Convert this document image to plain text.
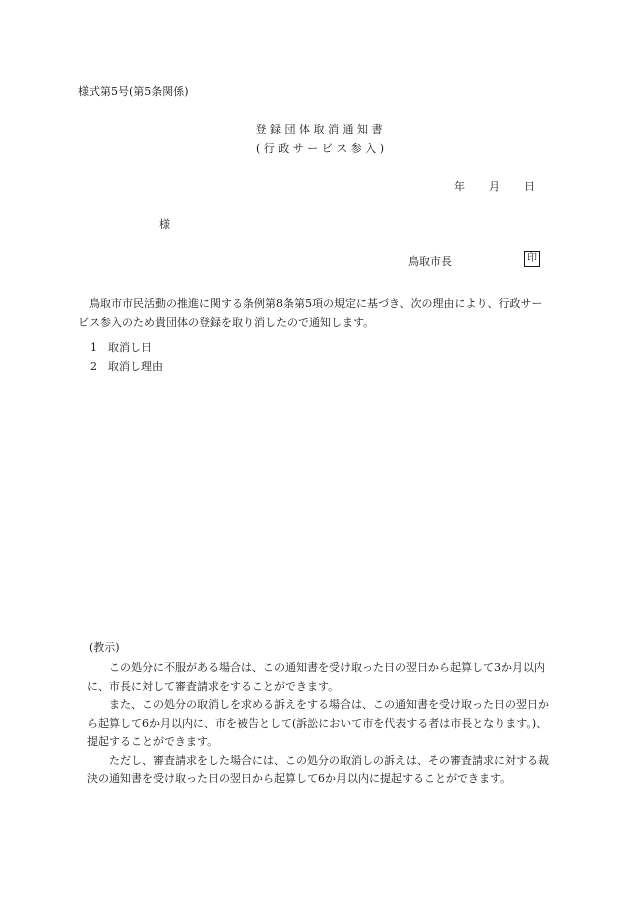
様式第5号(第5条関係)
登 録 団 体 取 消 通 知 書
( 行 政 サ ー ビ ス 参 入 )
年 月 日
様
鳥取市長	印
鳥取市市民活動の推進に関する条例第8条第5項の規定に基づき、次の理由により、行政サービス参入のため貴団体の登録を取り消したので通知します。
1 取消し日
2 取消し理由
(教示)

この処分に不服がある場合は、この通知書を受け取った日の翌日から起算して3か月以内に、市長に対して審査請求をすることができます。

また、この処分の取消しを求める訴えをする場合は、この通知書を受け取った日の翌日から起算して6か月以内に、市を被告として(訴訟において市を代表する者は市長となります。)、提起することができます。

ただし、審査請求をした場合には、この処分の取消しの訴えは、その審査請求に対する裁決の通知書を受け取った日の翌日から起算して6か月以内に提起することができます。
